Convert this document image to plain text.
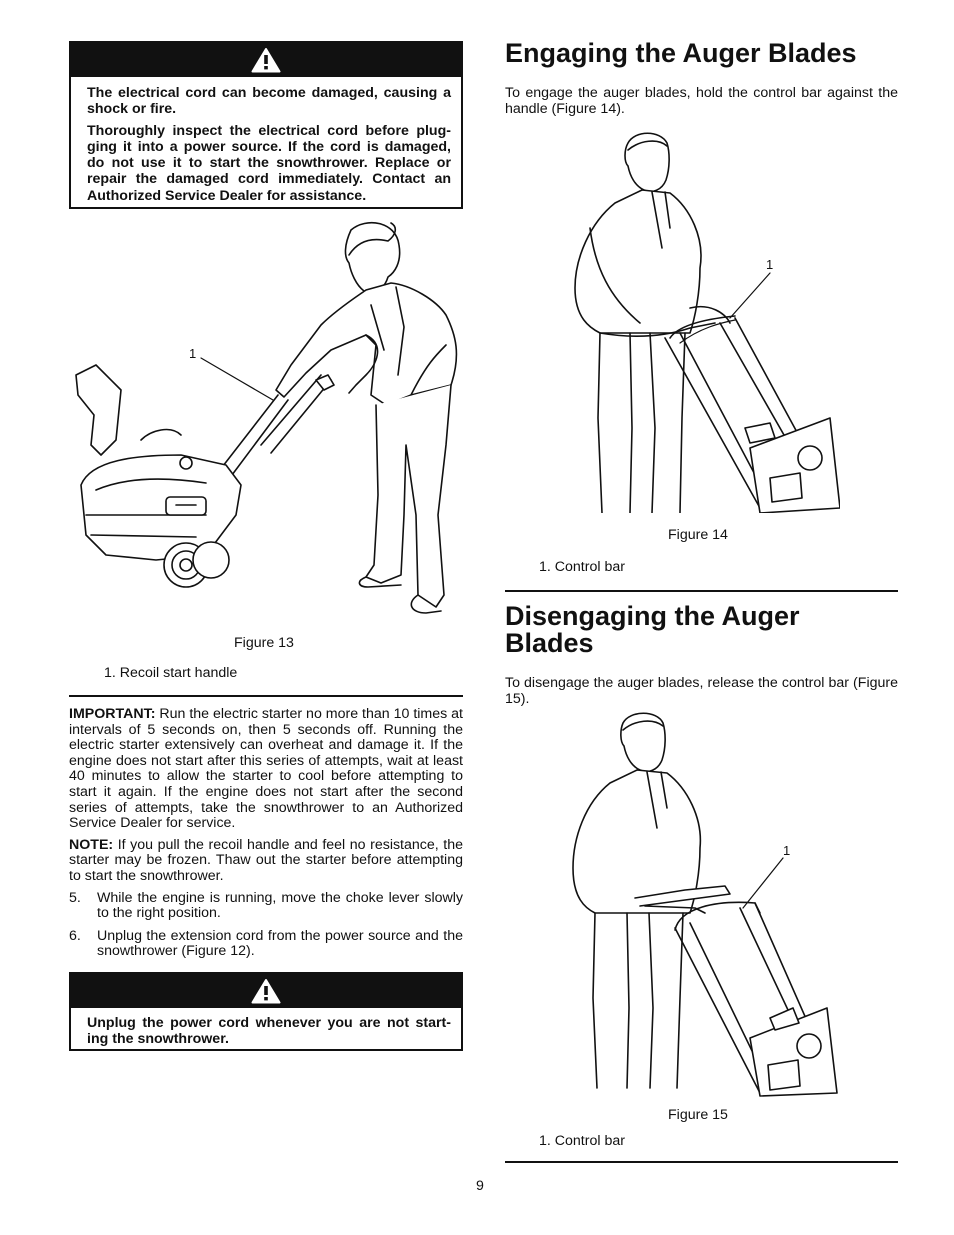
The electrical cord can become damaged, causing a shock or fire.

Thoroughly inspect the electrical cord before plug-ging it into a power source. If the cord is damaged, do not use it to start the snowthrower. Replace or repair the damaged cord immediately. Contact an Authorized Service Dealer for assistance.

1
Figure 13
1. Recoil start handle

IMPORTANT: Run the electric starter no more than 10 times at intervals of 5 seconds on, then 5 seconds off. Running the electric starter extensively can overheat and damage it. If the engine does not start after this series of attempts, wait at least 40 minutes to allow the starter to cool before attempting to start it again. If the engine does not start after the second series of attempts, take the snowthrower to an Authorized Service Dealer for service.

NOTE: If you pull the recoil handle and feel no resistance, the starter may be frozen. Thaw out the starter before attempting to start the snowthrower.

5.	While the engine is running, move the choke lever slowly to the right position.
6.	Unplug the extension cord from the power source and the snowthrower (Figure 12).

Unplug the power cord whenever you are not start-ing the snowthrower.

Engaging the Auger Blades
To engage the auger blades, hold the control bar against the handle (Figure 14).
1
Figure 14
1. Control bar
Disengaging the Auger
Blades
To disengage the auger blades, release the control bar (Figure 15).
1
Figure 15
1. Control bar
9
